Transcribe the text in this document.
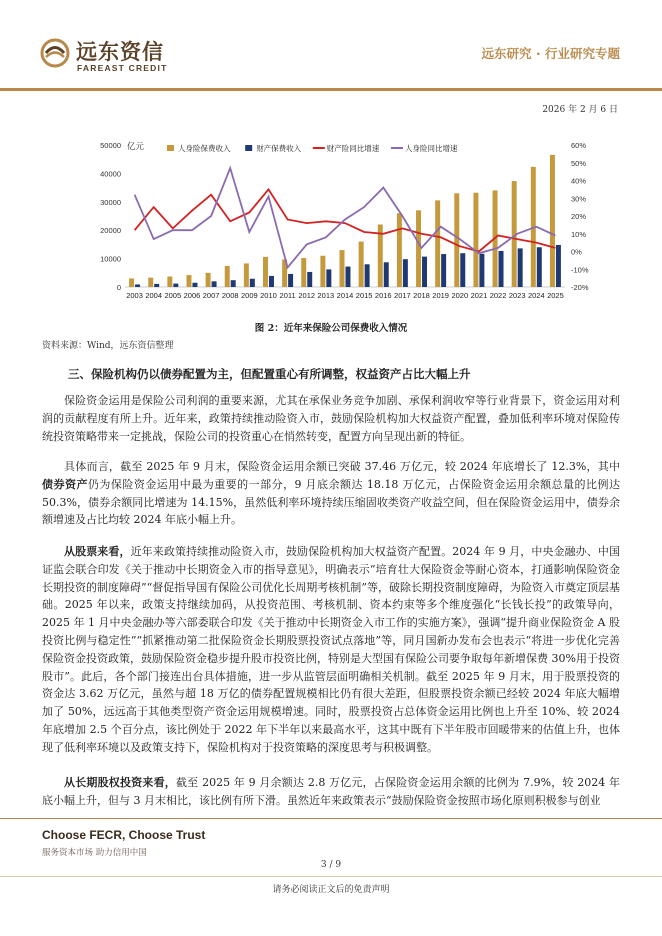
远东资信
FAREAST CREDIT
远东研究 · 行业研究专题
2026 年 2 月 6 日
0
10000
20000
30000
40000
50000
-20%
-10%
0%
10%
20%
30%
40%
50%
60%
亿元
2003 2004 2005 2006 2007 2008 2009 2010 2011 2012 2013 2014 2015 2016 2017 2018 2019 2020 2021 2022 2023 2024 2025
人身险保费收入	财产保费收入	财产险同比增速	人身险同比增速
图 2：近年来保险公司保费收入情况
资料来源：Wind，远东资信整理
三、保险机构仍以债券配置为主，但配置重心有所调整，权益资产占比大幅上升

保险资金运用是保险公司利润的重要来源，尤其在承保业务竞争加剧、承保利润收窄等行业背景下，资金运用对利润的贡献程度有所上升。近年来，政策持续推动险资入市，鼓励保险机构加大权益资产配置，叠加低利率环境对保险传统投资策略带来一定挑战，保险公司的投资重心在悄然转变，配置方向呈现出新的特征。

具体而言，截至 2025 年 9 月末，保险资金运用余额已突破 37.46 万亿元，较 2024 年底增长了 12.3%，其中债券资产仍为保险资金运用中最为重要的一部分，9 月底余额达 18.18 万亿元，占保险资金运用余额总量的比例达 50.3%，债券余额同比增速为 14.15%，虽然低利率环境持续压缩固收类资产收益空间，但在保险资金运用中，债券余额增速及占比均较 2024 年底小幅上升。

从股票来看，近年来政策持续推动险资入市，鼓励保险机构加大权益资产配置。2024 年 9 月，中央金融办、中国证监会联合印发《关于推动中长期资金入市的指导意见》，明确表示“培育壮大保险资金等耐心资本，打通影响保险资金长期投资的制度障碍”“督促指导国有保险公司优化长周期考核机制”等，破除长期投资制度障碍，为险资入市奠定顶层基础。2025 年以来，政策支持继续加码，从投资范围、考核机制、资本约束等多个维度强化“长钱长投”的政策导向，2025 年 1 月中央金融办等六部委联合印发《关于推动中长期资金入市工作的实施方案》，强调“提升商业保险资金 A 股投资比例与稳定性”“抓紧推动第二批保险资金长期股票投资试点落地”等，同月国新办发布会也表示“将进一步优化完善保险资金投资政策，鼓励保险资金稳步提升股市投资比例，特别是大型国有保险公司要争取每年新增保费 30%用于投资股市”。此后，各个部门接连出台具体措施，进一步从监管层面明确相关机制。截至 2025 年 9 月末，用于股票投资的资金达 3.62 万亿元，虽然与超 18 万亿的债券配置规模相比仍有很大差距，但股票投资余额已经较 2024 年底大幅增加了 50%，远远高于其他类型资产资金运用规模增速。同时，股票投资占总体资金运用比例也上升至 10%、较 2024 年底增加 2.5 个百分点，该比例处于 2022 年下半年以来最高水平，这其中既有下半年股市回暖带来的估值上升，也体现了低利率环境以及政策支持下，保险机构对于投资策略的深度思考与积极调整。

从长期股权投资来看，截至 2025 年 9 月余额达 2.8 万亿元，占保险资金运用余额的比例为 7.9%，较 2024 年底小幅上升，但与 3 月末相比，该比例有所下滑。虽然近年来政策表示“鼓励保险资金按照市场化原则积极参与创业

Choose FECR, Choose Trust
服务资本市场 助力信用中国
3 / 9
请务必阅读正文后的免责声明
